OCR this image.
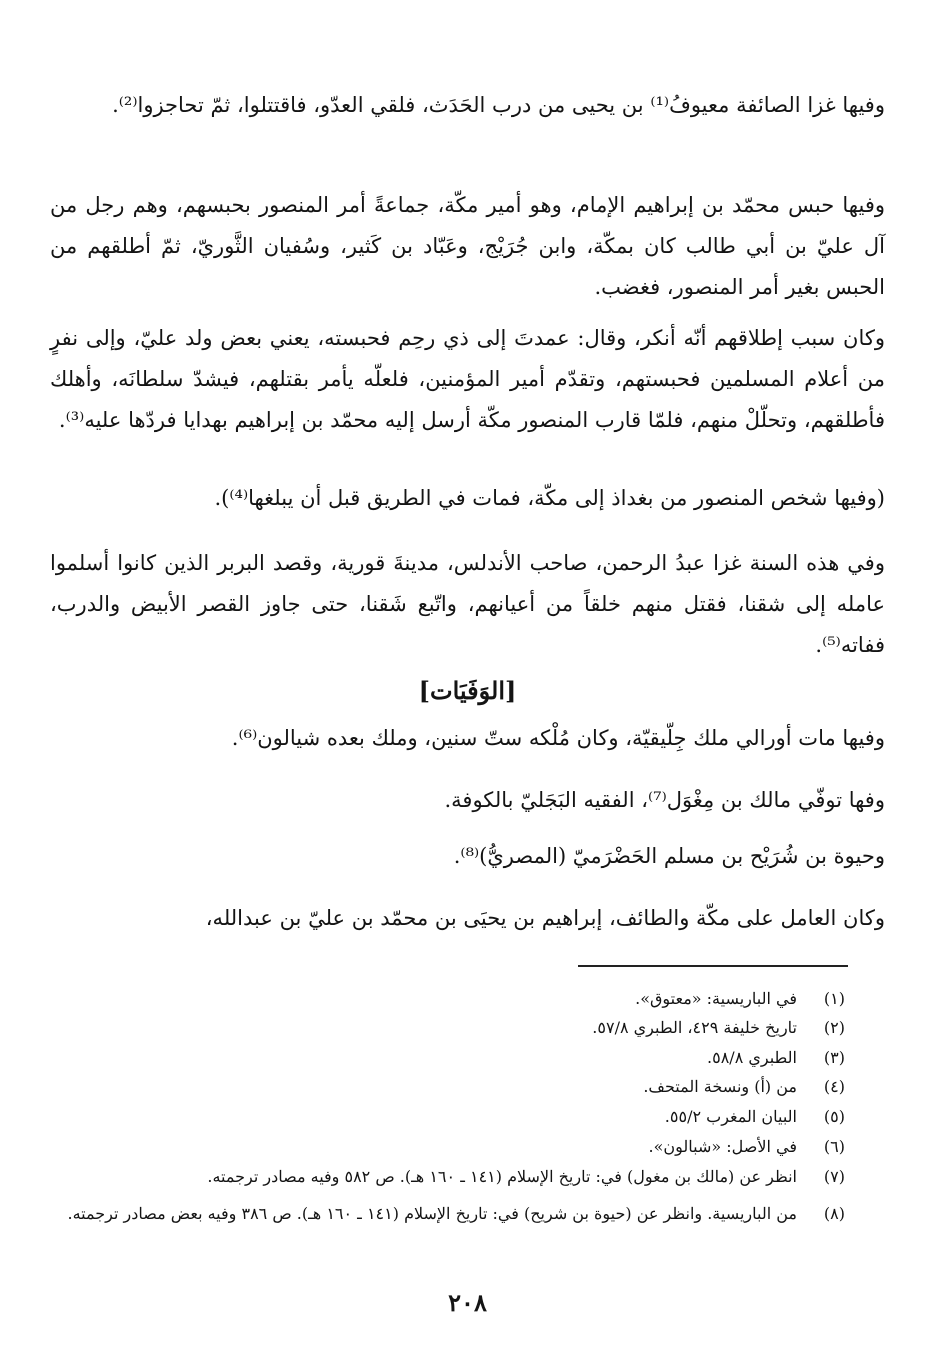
وفيها غزا الصائفة معيوفُ⁽¹⁾ بن يحيى من درب الحَدَث، فلقي العدّو، فاقتتلوا، ثمّ تحاجزوا⁽²⁾.

وفيها حبس محمّد بن إبراهيم الإمام، وهو أمير مكّة، جماعةً أمر المنصور بحبسهم، وهم رجل من آل عليّ بن أبي طالب كان بمكّة، وابن جُرَيْج، وعَبّاد بن كَثير، وسُفيان الثَّوريّ، ثمّ أطلقهم من الحبس بغير أمر المنصور، فغضب.

وكان سبب إطلاقهم أنّه أنكر، وقال: عمدتَ إلى ذي رحِم فحبسته، يعني بعض ولد عليّ، وإلى نفرٍ من أعلام المسلمين فحبستهم، وتقدّم أمير المؤمنين، فلعلّه يأمر بقتلهم، فيشدّ سلطانَه، وأهلك فأطلقهم، وتحلّلْ منهم، فلمّا قارب المنصور مكّة أرسل إليه محمّد بن إبراهيم بهدايا فردّها عليه⁽³⁾.

(وفيها شخص المنصور من بغداذ إلى مكّة، فمات في الطريق قبل أن يبلغها⁽⁴⁾).

وفي هذه السنة غزا عبدُ الرحمن، صاحب الأندلس، مدينةَ قورية، وقصد البربر الذين كانوا أسلموا عامله إلى شقنا، فقتل منهم خلقاً من أعيانهم، واتّبع شَقنا، حتى جاوز القصر الأبيض والدرب، ففاته⁽⁵⁾.

[الوَفَيَات]

وفيها مات أورالي ملك جِلّيقيّة، وكان مُلْكه ستّ سنين، وملك بعده شيالون⁽⁶⁾.

وفها توفّي مالك بن مِغْوَل⁽⁷⁾، الفقيه البَجَليّ بالكوفة.

وحيوة بن شُرَيْح بن مسلم الحَضْرَميّ (المصريُّ)⁽⁸⁾.

وكان العامل على مكّة والطائف، إبراهيم بن يحيَى بن محمّد بن عليّ بن عبدالله،

(١)
في الباريسية: «معتوق».
(٢)
تاريخ خليفة ٤٢٩، الطبري ٥٧/٨.
(٣)
الطبري ٥٨/٨.
(٤)
من (أ) ونسخة المتحف.
(٥)
البيان المغرب ٥٥/٢.
(٦)
في الأصل: «شبالون».
(٧)
انظر عن (مالك بن مغول) في: تاريخ الإسلام (١٤١ ـ ١٦٠ هـ). ص ٥٨٢ وفيه مصادر ترجمته.
(٨)
من الباريسية. وانظر عن (حيوة بن شريح) في: تاريخ الإسلام (١٤١ ـ ١٦٠ هـ). ص ٣٨٦ وفيه بعض مصادر ترجمته.
٢٠٨
